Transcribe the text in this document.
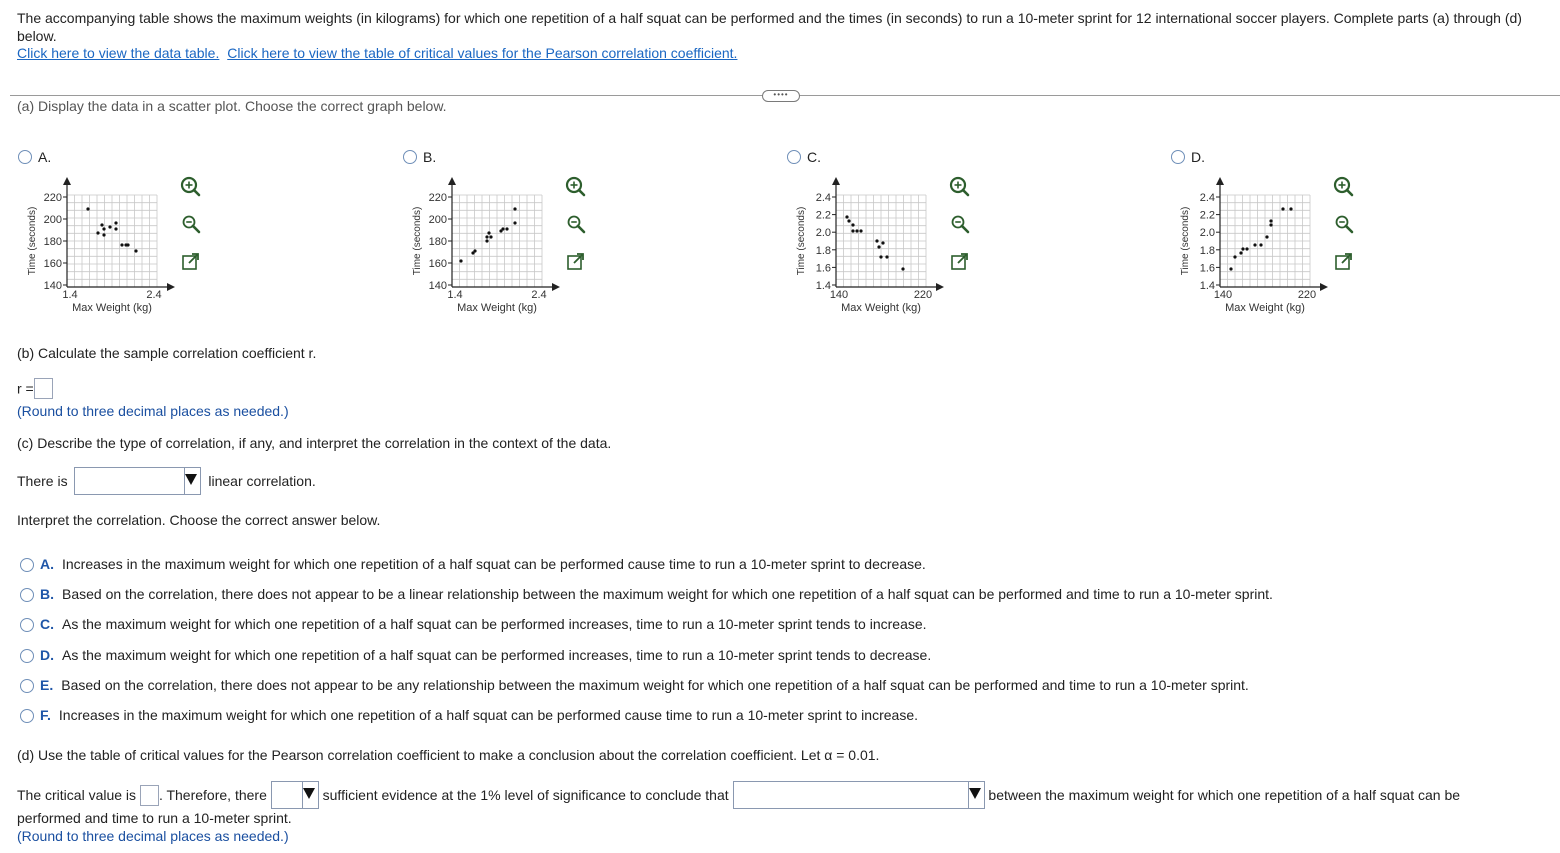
The accompanying table shows the maximum weights (in kilograms) for which one repetition of a half squat can be performed and the times (in seconds) to run a 10-meter sprint for 12 international soccer players. Complete parts (a) through (d) below.
Click here to view the data table. Click here to view the table of critical values for the Pearson correlation coefficient.
••••
(a) Display the data in a scatter plot. Choose the correct graph below.
A.
220
200
180
160
140
1.4	2.4
Max Weight (kg)
Time (seconds)
B.
220
200
180
160
140
1.4	2.4
Max Weight (kg)
Time (seconds)
C.
2.4
2.2
2.0
1.8
1.6
1.4
140	220
Max Weight (kg)
Time (seconds)
D.
2.4
2.2
2.0
1.8
1.6
1.4
140	220
Max Weight (kg)
Time (seconds)
(b) Calculate the sample correlation coefficient r.
r =
(Round to three decimal places as needed.)
(c) Describe the type of correlation, if any, and interpret the correlation in the context of the data.
There is	linear correlation.
Interpret the correlation. Choose the correct answer below.
A. Increases in the maximum weight for which one repetition of a half squat can be performed cause time to run a 10-meter sprint to decrease.
B. Based on the correlation, there does not appear to be a linear relationship between the maximum weight for which one repetition of a half squat can be performed and time to run a 10-meter sprint.
C. As the maximum weight for which one repetition of a half squat can be performed increases, time to run a 10-meter sprint tends to increase.
D. As the maximum weight for which one repetition of a half squat can be performed increases, time to run a 10-meter sprint tends to decrease.
E. Based on the correlation, there does not appear to be any relationship between the maximum weight for which one repetition of a half squat can be performed and time to run a 10-meter sprint.
F. Increases in the maximum weight for which one repetition of a half squat can be performed cause time to run a 10-meter sprint to increase.
(d) Use the table of critical values for the Pearson correlation coefficient to make a conclusion about the correlation coefficient. Let α = 0.01.
The critical value is . Therefore, there	sufficient evidence at the 1% level of significance to conclude that	between the maximum weight for which one repetition of a half squat can be
performed and time to run a 10-meter sprint.
(Round to three decimal places as needed.)
